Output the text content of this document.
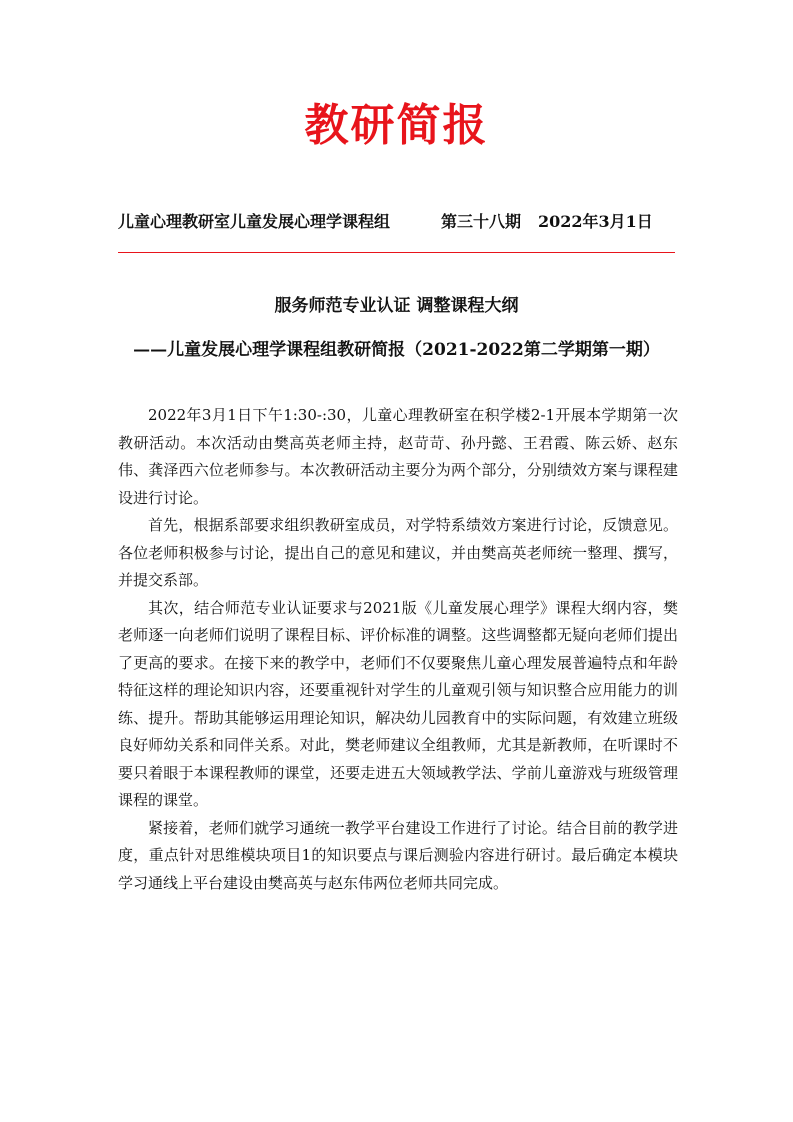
教研简报
儿童心理教研室儿童发展心理学课程组	第三十八期 2022年3月1日
服务师范专业认证 调整课程大纲
——儿童发展心理学课程组教研简报（2021-2022第二学期第一期）

2022年3月1日下午1:30-:30，儿童心理教研室在积学楼2-1开展本学期第一次教研活动。本次活动由樊高英老师主持，赵苛苛、孙丹懿、王君霞、陈云娇、赵东伟、龚泽西六位老师参与。本次教研活动主要分为两个部分，分别绩效方案与课程建设进行讨论。

首先，根据系部要求组织教研室成员，对学特系绩效方案进行讨论，反馈意见。各位老师积极参与讨论，提出自己的意见和建议，并由樊高英老师统一整理、撰写，并提交系部。

其次，结合师范专业认证要求与2021版《儿童发展心理学》课程大纲内容，樊老师逐一向老师们说明了课程目标、评价标准的调整。这些调整都无疑向老师们提出了更高的要求。在接下来的教学中，老师们不仅要聚焦儿童心理发展普遍特点和年龄特征这样的理论知识内容，还要重视针对学生的儿童观引领与知识整合应用能力的训练、提升。帮助其能够运用理论知识，解决幼儿园教育中的实际问题，有效建立班级良好师幼关系和同伴关系。对此，樊老师建议全组教师，尤其是新教师，在听课时不要只着眼于本课程教师的课堂，还要走进五大领域教学法、学前儿童游戏与班级管理课程的课堂。

紧接着，老师们就学习通统一教学平台建设工作进行了讨论。结合目前的教学进度，重点针对思维模块项目1的知识要点与课后测验内容进行研讨。最后确定本模块学习通线上平台建设由樊高英与赵东伟两位老师共同完成。
